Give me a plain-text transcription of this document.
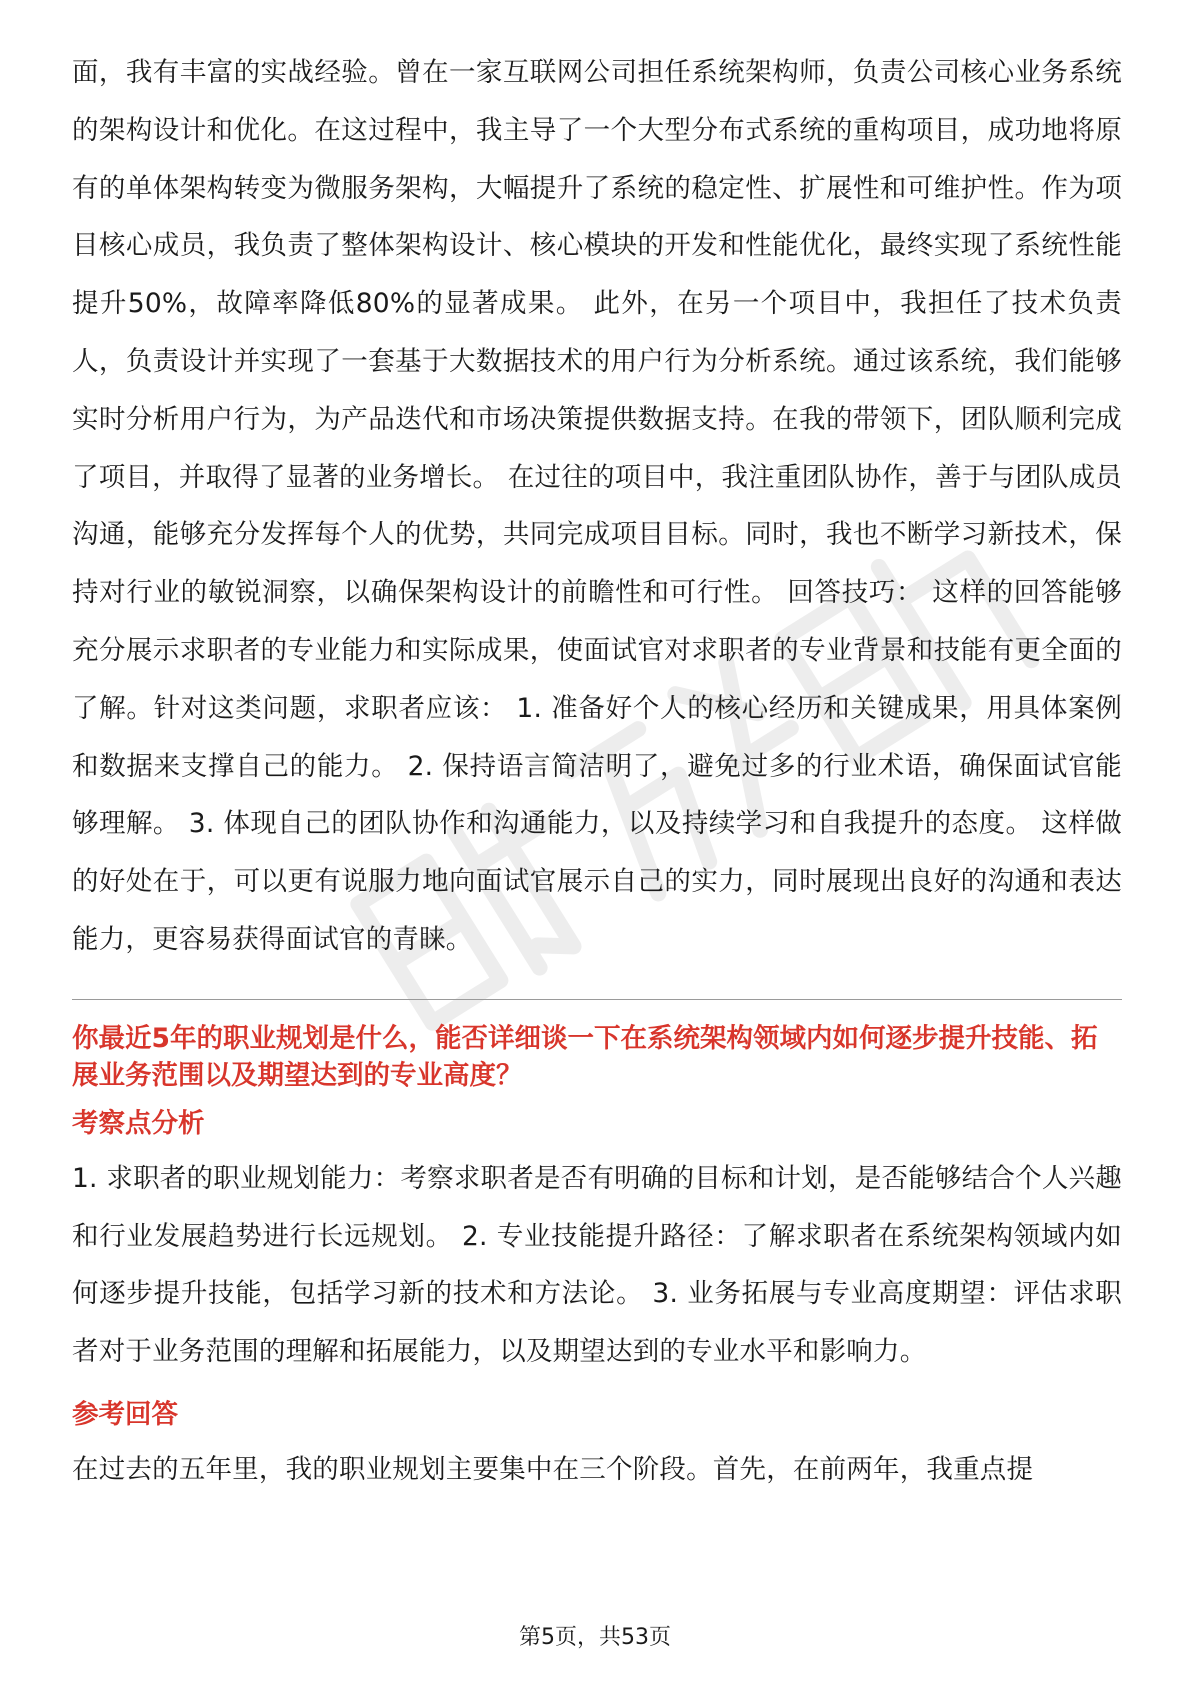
面，我有丰富的实战经验。曾在一家互联网公司担任系统架构师，负责公司核心业务系统的架构设计和优化。在这过程中，我主导了一个大型分布式系统的重构项目，成功地将原有的单体架构转变为微服务架构，大幅提升了系统的稳定性、扩展性和可维护性。作为项目核心成员，我负责了整体架构设计、核心模块的开发和性能优化，最终实现了系统性能提升50%，故障率降低80%的显著成果。 此外，在另一个项目中，我担任了技术负责人，负责设计并实现了一套基于大数据技术的用户行为分析系统。通过该系统，我们能够实时分析用户行为，为产品迭代和市场决策提供数据支持。在我的带领下，团队顺利完成了项目，并取得了显著的业务增长。 在过往的项目中，我注重团队协作，善于与团队成员沟通，能够充分发挥每个人的优势，共同完成项目目标。同时，我也不断学习新技术，保持对行业的敏锐洞察，以确保架构设计的前瞻性和可行性。 回答技巧： 这样的回答能够充分展示求职者的专业能力和实际成果，使面试官对求职者的专业背景和技能有更全面的了解。针对这类问题，求职者应该： 1. 准备好个人的核心经历和关键成果，用具体案例和数据来支撑自己的能力。 2. 保持语言简洁明了，避免过多的行业术语，确保面试官能够理解。 3. 体现自己的团队协作和沟通能力，以及持续学习和自我提升的态度。 这样做的好处在于，可以更有说服力地向面试官展示自己的实力，同时展现出良好的沟通和表达能力，更容易获得面试官的青睐。

你最近5年的职业规划是什么，能否详细谈一下在系统架构领域内如何逐步提升技能、拓展业务范围以及期望达到的专业高度？

考察点分析

1. 求职者的职业规划能力：考察求职者是否有明确的目标和计划，是否能够结合个人兴趣和行业发展趋势进行长远规划。 2. 专业技能提升路径：了解求职者在系统架构领域内如何逐步提升技能，包括学习新的技术和方法论。 3. 业务拓展与专业高度期望：评估求职者对于业务范围的理解和拓展能力，以及期望达到的专业水平和影响力。

参考回答

在过去的五年里，我的职业规划主要集中在三个阶段。首先，在前两年，我重点提

第5页，共53页
